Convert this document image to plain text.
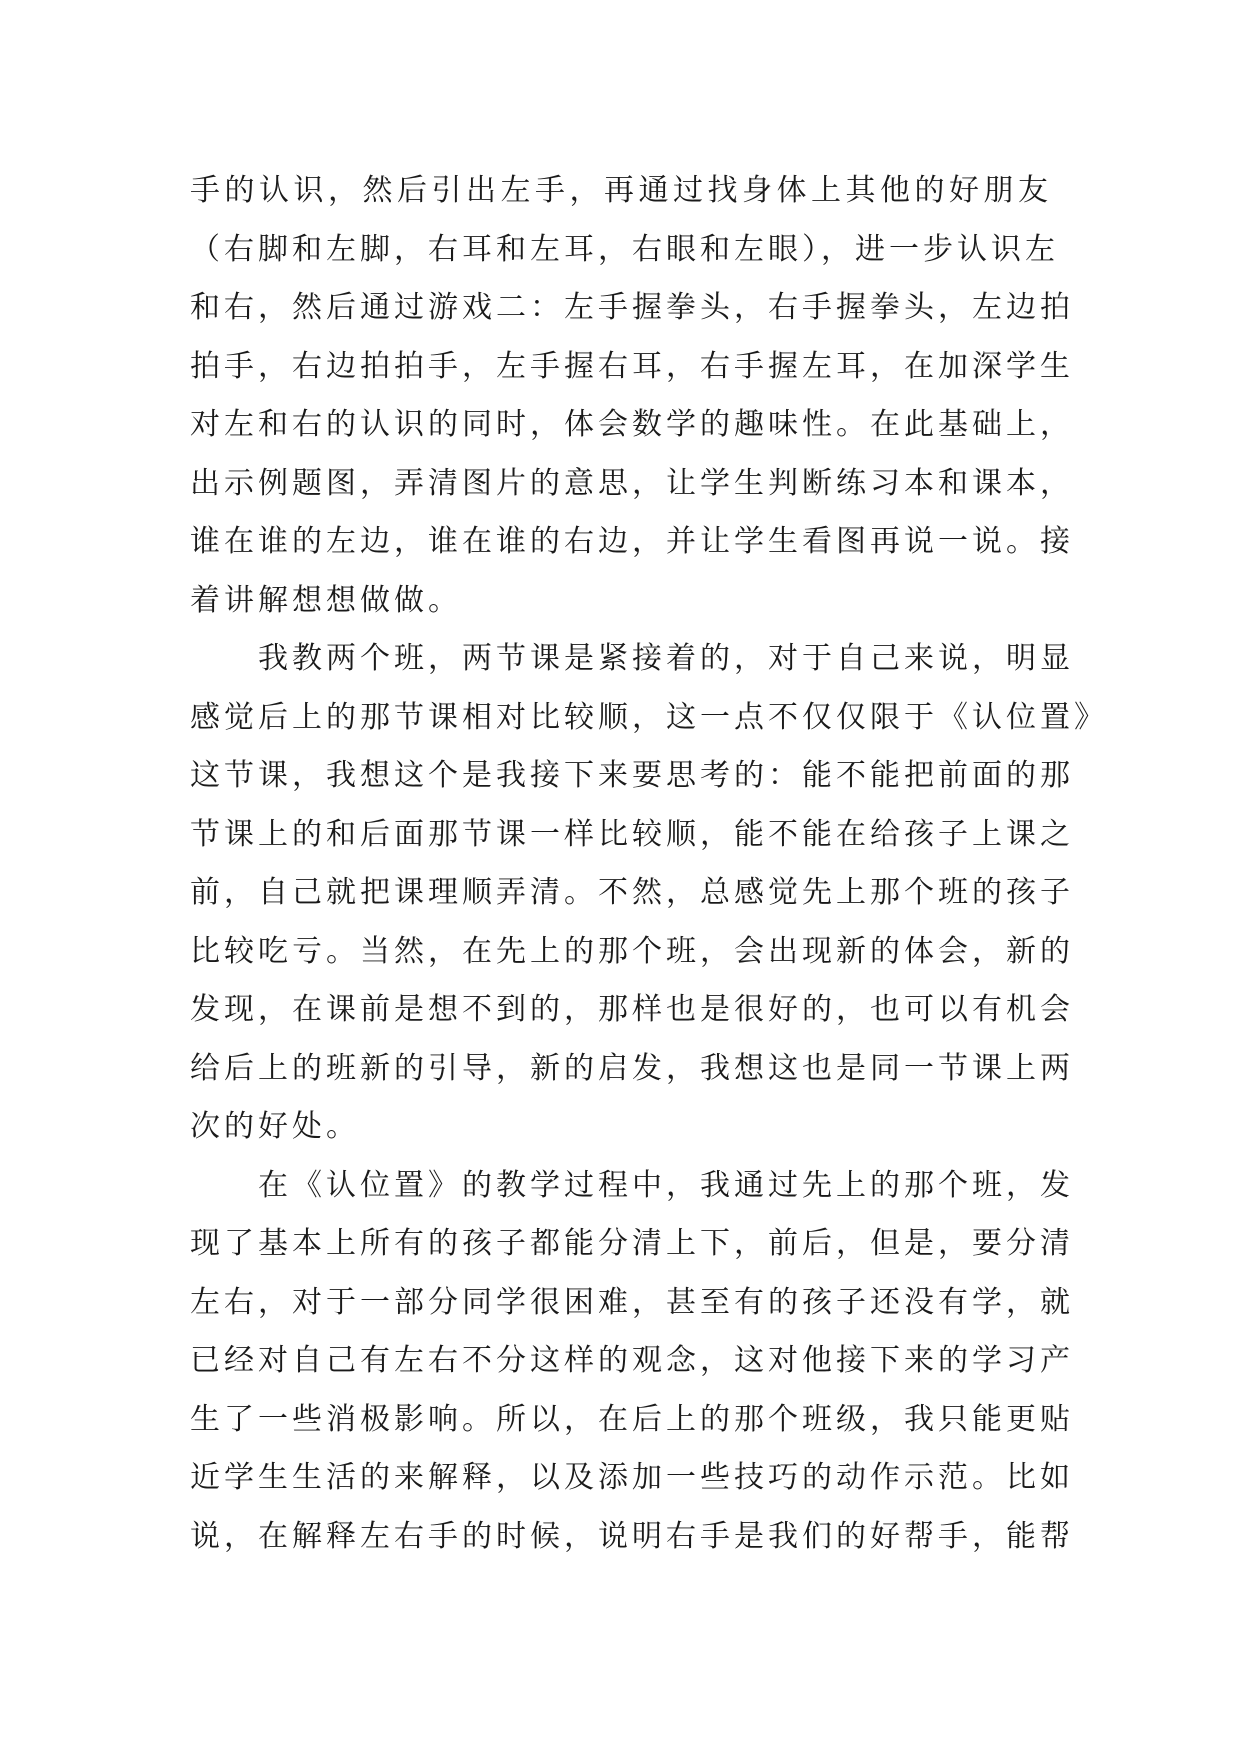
手的认识，然后引出左手，再通过找身体上其他的好朋友
（右脚和左脚，右耳和左耳，右眼和左眼），进一步认识左
和右，然后通过游戏二：左手握拳头，右手握拳头，左边拍
拍手，右边拍拍手，左手握右耳，右手握左耳，在加深学生
对左和右的认识的同时，体会数学的趣味性。在此基础上，
出示例题图，弄清图片的意思，让学生判断练习本和课本，
谁在谁的左边，谁在谁的右边，并让学生看图再说一说。接
着讲解想想做做。
我教两个班，两节课是紧接着的，对于自己来说，明显
感觉后上的那节课相对比较顺，这一点不仅仅限于《认位置》
这节课，我想这个是我接下来要思考的：能不能把前面的那
节课上的和后面那节课一样比较顺，能不能在给孩子上课之
前，自己就把课理顺弄清。不然，总感觉先上那个班的孩子
比较吃亏。当然，在先上的那个班，会出现新的体会，新的
发现，在课前是想不到的，那样也是很好的，也可以有机会
给后上的班新的引导，新的启发，我想这也是同一节课上两
次的好处。
在《认位置》的教学过程中，我通过先上的那个班，发
现了基本上所有的孩子都能分清上下，前后，但是，要分清
左右，对于一部分同学很困难，甚至有的孩子还没有学，就
已经对自己有左右不分这样的观念，这对他接下来的学习产
生了一些消极影响。所以，在后上的那个班级，我只能更贴
近学生生活的来解释，以及添加一些技巧的动作示范。比如
说，在解释左右手的时候，说明右手是我们的好帮手，能帮
